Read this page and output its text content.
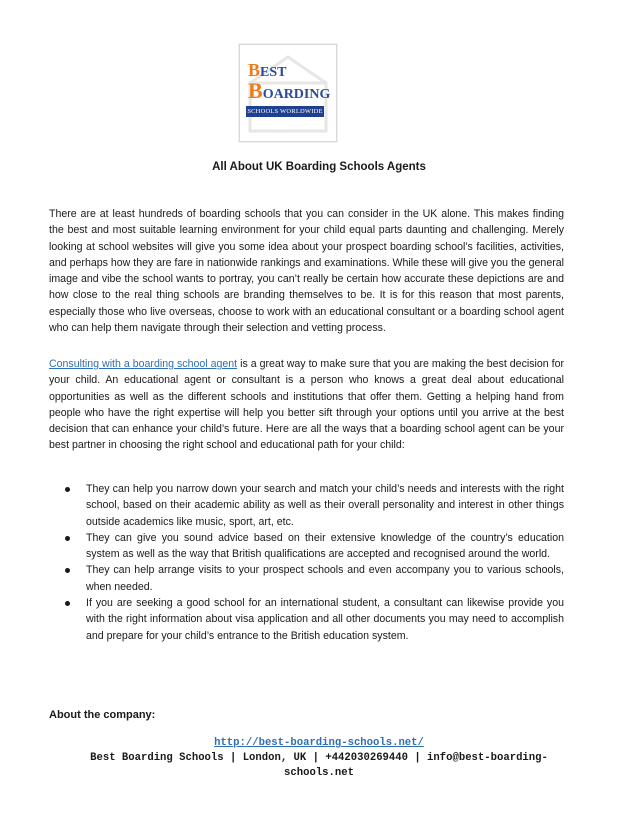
BEST
BOARDING
SCHOOLS WORLDWIDE
All About UK Boarding Schools Agents

There are at least hundreds of boarding schools that you can consider in the UK alone. This makes finding the best and most suitable learning environment for your child equal parts daunting and challenging. Merely looking at school websites will give you some idea about your prospect boarding school’s facilities, activities, and perhaps how they are fare in nationwide rankings and examinations. While these will give you the general image and vibe the school wants to portray, you can’t really be certain how accurate these depictions are and how close to the real thing schools are branding themselves to be. It is for this reason that most parents, especially those who live overseas, choose to work with an educational consultant or a boarding school agent who can help them navigate through their selection and vetting process.

Consulting with a boarding school agent is a great way to make sure that you are making the best decision for your child. An educational agent or consultant is a person who knows a great deal about educational opportunities as well as the different schools and institutions that offer them. Getting a helping hand from people who have the right expertise will help you better sift through your options until you arrive at the best decision that can enhance your child’s future. Here are all the ways that a boarding school agent can be your best partner in choosing the right school and educational path for your child:

They can help you narrow down your search and match your child’s needs and interests with the right school, based on their academic ability as well as their overall personality and interest in other things outside academics like music, sport, art, etc.
They can give you sound advice based on their extensive knowledge of the country’s education system as well as the way that British qualifications are accepted and recognised around the world.
They can help arrange visits to your prospect schools and even accompany you to various schools, when needed.
If you are seeking a good school for an international student, a consultant can likewise provide you with the right information about visa application and all other documents you may need to accomplish and prepare for your child’s entrance to the British education system.

About the company:

http://best-boarding-schools.net/
Best Boarding Schools | London, UK | +442030269440 | info@best-boarding-schools.net
